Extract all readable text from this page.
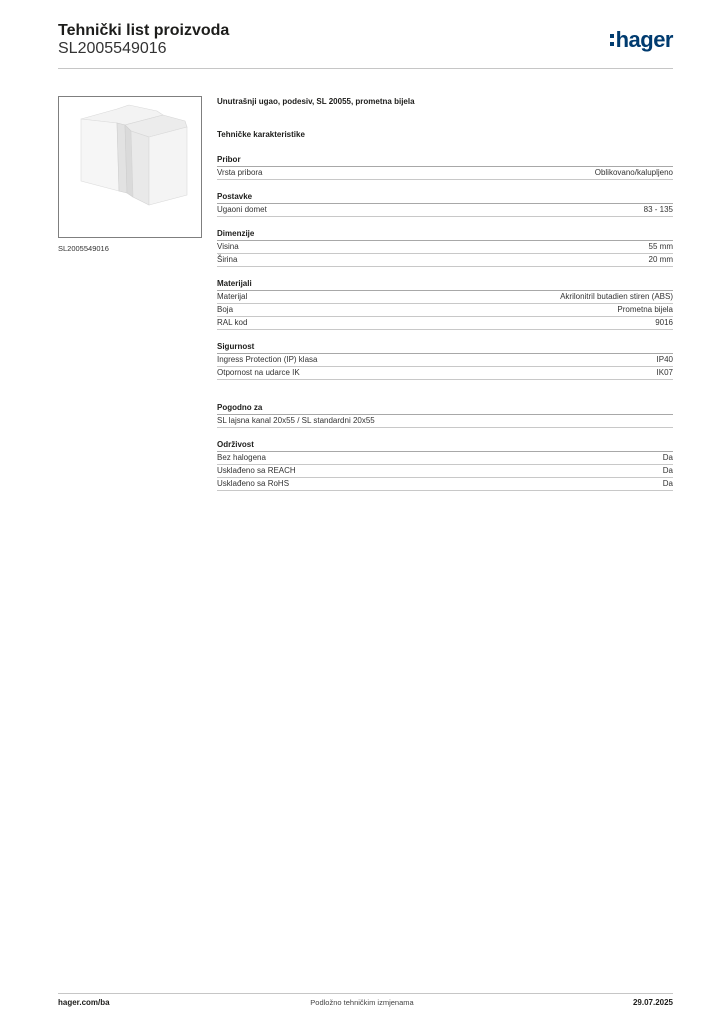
Tehnički list proizvoda
SL2005549016	hager
SL2005549016
Unutrašnji ugao, podesiv, SL 20055, prometna bijela
Tehničke karakteristike
Pribor
Vrsta pribora	Oblikovano/kalupljeno
Postavke
Ugaoni domet	83 - 135
Dimenzije
Visina	55 mm
Širina	20 mm
Materijali
Materijal	Akrilonitril butadien stiren (ABS)
Boja	Prometna bijela
RAL kod	9016
Sigurnost
Ingress Protection (IP) klasa	IP40
Otpornost na udarce IK	IK07
Pogodno za
SL lajsna kanal 20x55 / SL standardni 20x55
Održivost
Bez halogena	Da
Usklađeno sa REACH	Da
Usklađeno sa RoHS	Da
hager.com/ba	Podložno tehničkim izmjenama	29.07.2025
